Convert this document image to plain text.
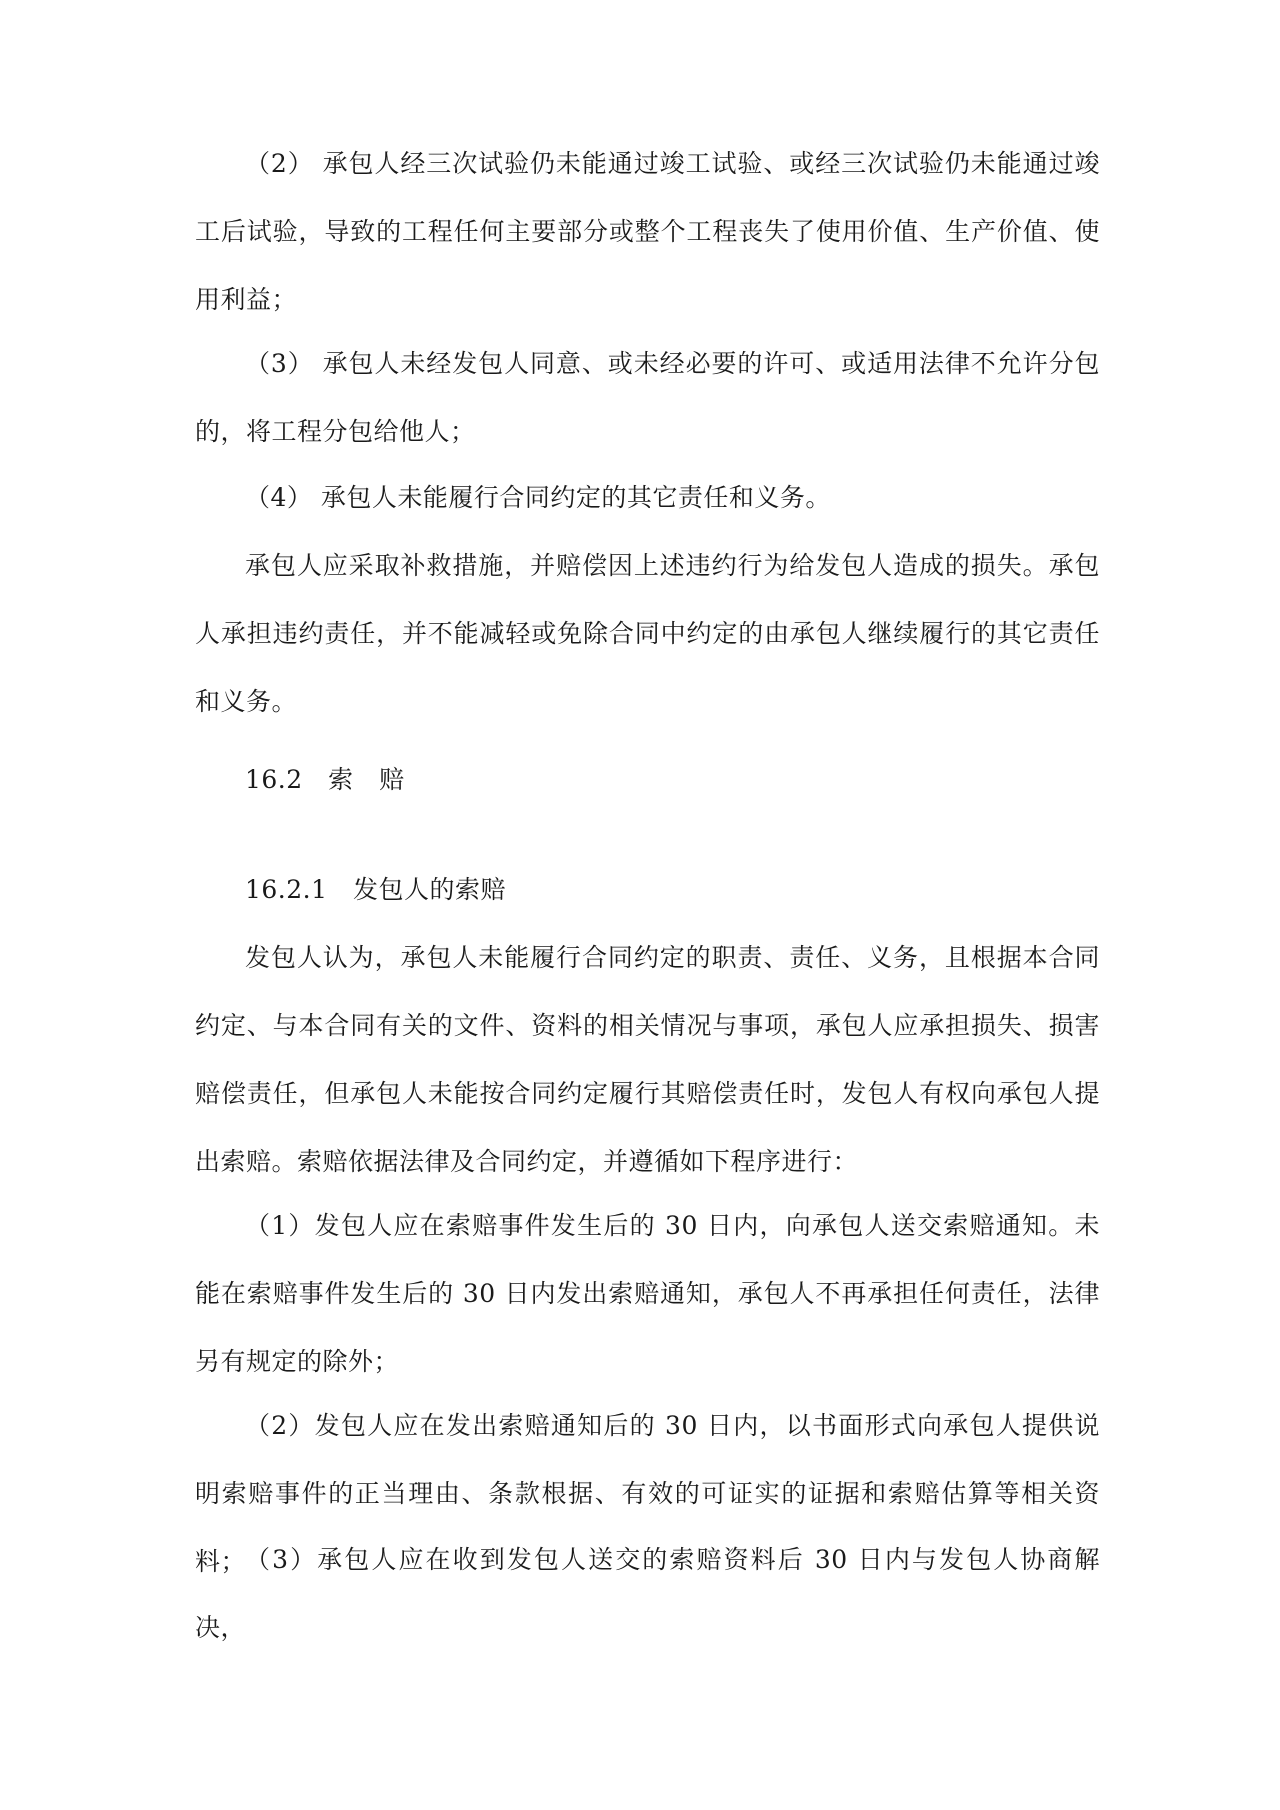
（2） 承包人经三次试验仍未能通过竣工试验、或经三次试验仍未能通过竣工后试验，导致的工程任何主要部分或整个工程丧失了使用价值、生产价值、使用利益；

（3） 承包人未经发包人同意、或未经必要的许可、或适用法律不允许分包的，将工程分包给他人；

（4） 承包人未能履行合同约定的其它责任和义务。

承包人应采取补救措施，并赔偿因上述违约行为给发包人造成的损失。承包人承担违约责任，并不能减轻或免除合同中约定的由承包人继续履行的其它责任和义务。

16.2　索　赔
16.2.1　发包人的索赔

发包人认为，承包人未能履行合同约定的职责、责任、义务，且根据本合同约定、与本合同有关的文件、资料的相关情况与事项，承包人应承担损失、损害赔偿责任，但承包人未能按合同约定履行其赔偿责任时，发包人有权向承包人提出索赔。索赔依据法律及合同约定，并遵循如下程序进行：

（1）发包人应在索赔事件发生后的 30 日内，向承包人送交索赔通知。未能在索赔事件发生后的 30 日内发出索赔通知，承包人不再承担任何责任，法律另有规定的除外；

（2）发包人应在发出索赔通知后的 30 日内，以书面形式向承包人提供说明索赔事件的正当理由、条款根据、有效的可证实的证据和索赔估算等相关资料；

（3）承包人应在收到发包人送交的索赔资料后 30 日内与发包人协商解决，
